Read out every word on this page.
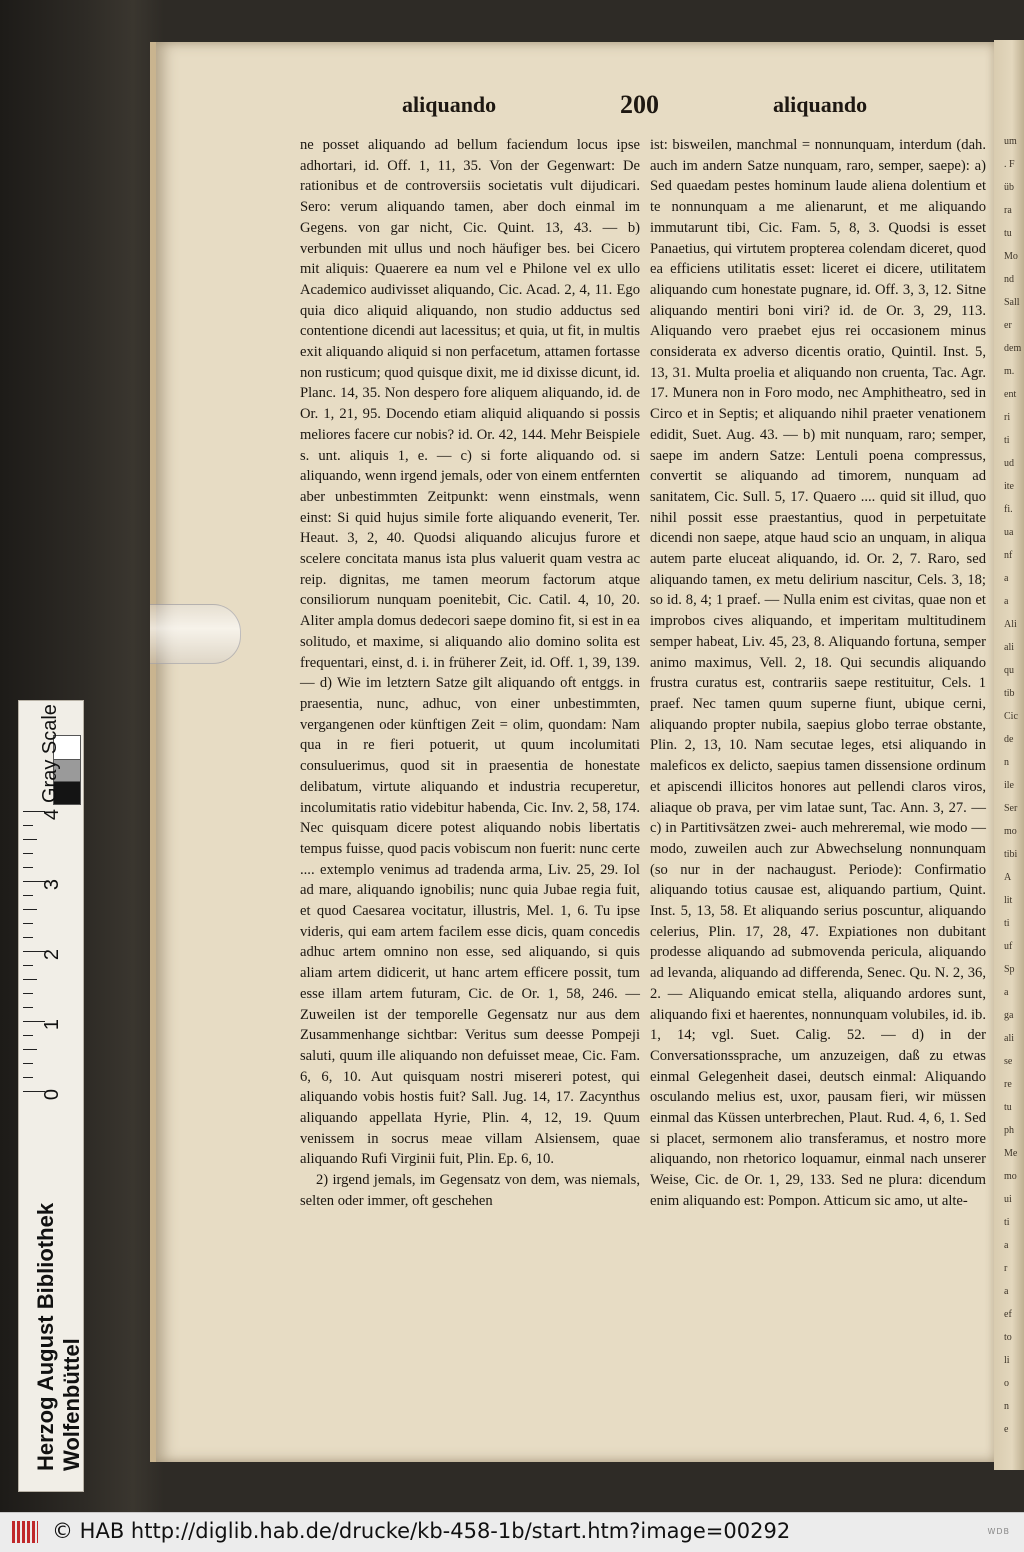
um
. F
üb
ra
tu
Mo
nd
Sall
er
dem
m.
ent
ri
ti
ud
ite
fi.
ua
nf
a
a
Ali
ali
qu
tib
Cic
de
n
ile
Ser
mo
tibi
A
lit
ti
uf
Sp
a
ga
ali
se
re
tu
ph
Me
mo
ui
ti
a
r
a
ef
to
li
o
n
e
aliquando	200	aliquando

ne posset aliquando ad bellum faciendum locus ipse adhortari, id. Off. 1, 11, 35. Von der Gegenwart: De rationibus et de controversiis societatis vult dijudicari. Sero: verum aliquando tamen, aber doch einmal im Gegens. von gar nicht, Cic. Quint. 13, 43. — b) verbunden mit ullus und noch häufiger bes. bei Cicero mit aliquis: Quaerere ea num vel e Philone vel ex ullo Academico audivisset aliquando, Cic. Acad. 2, 4, 11. Ego quia dico aliquid aliquando, non studio adductus sed contentione dicendi aut lacessitus; et quia, ut fit, in multis exit aliquando aliquid si non perfacetum, attamen fortasse non rusticum; quod quisque dixit, me id dixisse dicunt, id. Planc. 14, 35. Non despero fore aliquem aliquando, id. de Or. 1, 21, 95. Docendo etiam aliquid aliquando si possis meliores facere cur nobis? id. Or. 42, 144. Mehr Beispiele s. unt. aliquis 1, e. — c) si forte aliquando od. si aliquando, wenn irgend jemals, oder von einem entfernten aber unbestimmten Zeitpunkt: wenn einstmals, wenn einst: Si quid hujus simile forte aliquando evenerit, Ter. Heaut. 3, 2, 40. Quodsi aliquando alicujus furore et scelere concitata manus ista plus valuerit quam vestra ac reip. dignitas, me tamen meorum factorum atque consiliorum nunquam poenitebit, Cic. Catil. 4, 10, 20. Aliter ampla domus dedecori saepe domino fit, si est in ea solitudo, et maxime, si aliquando alio domino solita est frequentari, einst, d. i. in früherer Zeit, id. Off. 1, 39, 139. — d) Wie im letztern Satze gilt aliquando oft entggs. in praesentia, nunc, adhuc, von einer unbestimmten, vergangenen oder künftigen Zeit = olim, quondam: Nam qua in re fieri potuerit, ut quum incolumitati consuluerimus, quod sit in praesentia de honestate delibatum, virtute aliquando et industria recuperetur, incolumitatis ratio videbitur habenda, Cic. Inv. 2, 58, 174. Nec quisquam dicere potest aliquando nobis libertatis tempus fuisse, quod pacis vobiscum non fuerit: nunc certe .... extemplo venimus ad tradenda arma, Liv. 25, 29. Iol ad mare, aliquando ignobilis; nunc quia Jubae regia fuit, et quod Caesarea vocitatur, illustris, Mel. 1, 6. Tu ipse videris, qui eam artem facilem esse dicis, quam concedis adhuc artem omnino non esse, sed aliquando, si quis aliam artem didicerit, ut hanc artem efficere possit, tum esse illam artem futuram, Cic. de Or. 1, 58, 246. — Zuweilen ist der temporelle Gegensatz nur aus dem Zusammenhange sichtbar: Veritus sum deesse Pompeji saluti, quum ille aliquando non defuisset meae, Cic. Fam. 6, 6, 10. Aut quisquam nostri misereri potest, qui aliquando vobis hostis fuit? Sall. Jug. 14, 17. Zacynthus aliquando appellata Hyrie, Plin. 4, 12, 19. Quum venissem in socrus meae villam Alsiensem, quae aliquando Rufi Virginii fuit, Plin. Ep. 6, 10.

2) irgend jemals, im Gegensatz von dem, was niemals, selten oder immer, oft geschehen

ist: bisweilen, manchmal = nonnunquam, interdum (dah. auch im andern Satze nunquam, raro, semper, saepe): a) Sed quaedam pestes hominum laude aliena dolentium et te nonnunquam a me alienarunt, et me aliquando immutarunt tibi, Cic. Fam. 5, 8, 3. Quodsi is esset Panaetius, qui virtutem propterea colendam diceret, quod ea efficiens utilitatis esset: liceret ei dicere, utilitatem aliquando cum honestate pugnare, id. Off. 3, 3, 12. Sitne aliquando mentiri boni viri? id. de Or. 3, 29, 113. Aliquando vero praebet ejus rei occasionem minus considerata ex adverso dicentis oratio, Quintil. Inst. 5, 13, 31. Multa proelia et aliquando non cruenta, Tac. Agr. 17. Munera non in Foro modo, nec Amphitheatro, sed in Circo et in Septis; et aliquando nihil praeter venationem edidit, Suet. Aug. 43. — b) mit nunquam, raro; semper, saepe im andern Satze: Lentuli poena compressus, convertit se aliquando ad timorem, nunquam ad sanitatem, Cic. Sull. 5, 17. Quaero .... quid sit illud, quo nihil possit esse praestantius, quod in perpetuitate dicendi non saepe, atque haud scio an unquam, in aliqua autem parte eluceat aliquando, id. Or. 2, 7. Raro, sed aliquando tamen, ex metu delirium nascitur, Cels. 3, 18; so id. 8, 4; 1 praef. — Nulla enim est civitas, quae non et improbos cives aliquando, et imperitam multitudinem semper habeat, Liv. 45, 23, 8. Aliquando fortuna, semper animo maximus, Vell. 2, 18. Qui secundis aliquando frustra curatus est, contrariis saepe restituitur, Cels. 1 praef. Nec tamen quum superne fiunt, ubique cerni, aliquando propter nubila, saepius globo terrae obstante, Plin. 2, 13, 10. Nam secutae leges, etsi aliquando in maleficos ex delicto, saepius tamen dissensione ordinum et apiscendi illicitos honores aut pellendi claros viros, aliaque ob prava, per vim latae sunt, Tac. Ann. 3, 27. — c) in Partitivsätzen zwei- auch mehreremal, wie modo — modo, zuweilen auch zur Abwechselung nonnunquam (so nur in der nachaugust. Periode): Confirmatio aliquando totius causae est, aliquando partium, Quint. Inst. 5, 13, 58. Et aliquando serius poscuntur, aliquando celerius, Plin. 17, 28, 47. Expiationes non dubitant prodesse aliquando ad submovenda pericula, aliquando ad levanda, aliquando ad differenda, Senec. Qu. N. 2, 36, 2. — Aliquando emicat stella, aliquando ardores sunt, aliquando fixi et haerentes, nonnunquam volubiles, id. ib. 1, 14; vgl. Suet. Calig. 52. — d) in der Conversationssprache, um anzuzeigen, daß zu etwas einmal Gelegenheit dasei, deutsch einmal: Aliquando osculando melius est, uxor, pausam fieri, wir müssen einmal das Küssen unterbrechen, Plaut. Rud. 4, 6, 1. Sed si placet, sermonem alio transferamus, et nostro more aliquando, non rhetorico loquamur, einmal nach unserer Weise, Cic. de Or. 1, 29, 133. Sed ne plura: dicendum enim aliquando est: Pompon. Atticum sic amo, ut alte-

Gray Scale
4
3
2
1
0
Herzog August Bibliothek Wolfenbüttel
© HAB http://diglib.hab.de/drucke/kb-458-1b/start.htm?image=00292	WDB
